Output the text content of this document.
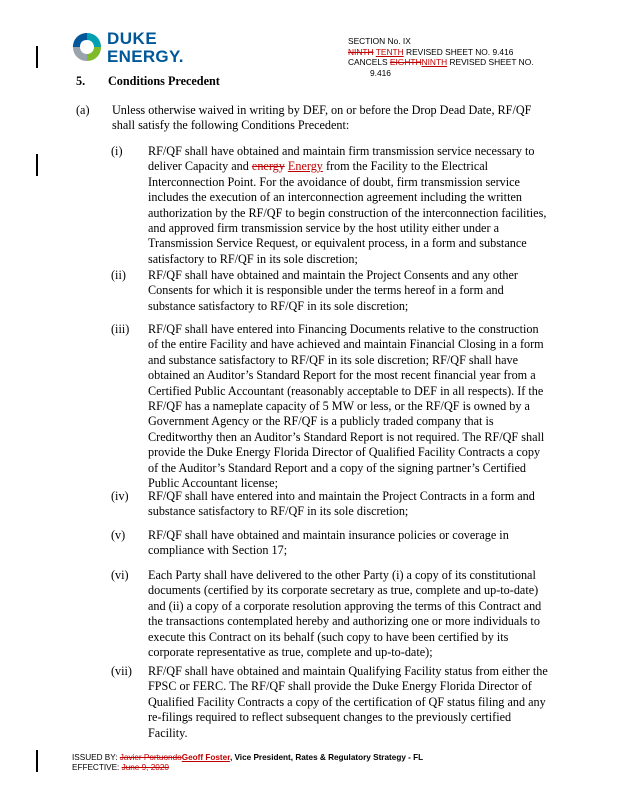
DUKE
ENERGY.
SECTION No. IX
NINTH TENTH REVISED SHEET NO. 9.416
CANCELS EIGHTHNINTH REVISED SHEET NO.
9.416
5. Conditions Precedent
(a) Unless otherwise waived in writing by DEF, on or before the Drop Dead Date, RF/QF shall satisfy the following Conditions Precedent:
(i) RF/QF shall have obtained and maintain firm transmission service necessary to deliver Capacity and energy Energy from the Facility to the Electrical Interconnection Point. For the avoidance of doubt, firm transmission service includes the execution of an interconnection agreement including the written authorization by the RF/QF to begin construction of the interconnection facilities, and approved firm transmission service by the host utility either under a Transmission Service Request, or equivalent process, in a form and substance satisfactory to RF/QF in its sole discretion;
(ii) RF/QF shall have obtained and maintain the Project Consents and any other Consents for which it is responsible under the terms hereof in a form and substance satisfactory to RF/QF in its sole discretion;
(iii) RF/QF shall have entered into Financing Documents relative to the construction of the entire Facility and have achieved and maintain Financial Closing in a form and substance satisfactory to RF/QF in its sole discretion; RF/QF shall have obtained an Auditor’s Standard Report for the most recent financial year from a Certified Public Accountant (reasonably acceptable to DEF in all respects). If the RF/QF has a nameplate capacity of 5 MW or less, or the RF/QF is owned by a Government Agency or the RF/QF is a publicly traded company that is Creditworthy then an Auditor’s Standard Report is not required. The RF/QF shall provide the Duke Energy Florida Director of Qualified Facility Contracts a copy of the Auditor’s Standard Report and a copy of the signing partner’s Certified Public Accountant license;
(iv) RF/QF shall have entered into and maintain the Project Contracts in a form and substance satisfactory to RF/QF in its sole discretion;
(v) RF/QF shall have obtained and maintain insurance policies or coverage in compliance with Section 17;
(vi) Each Party shall have delivered to the other Party (i) a copy of its constitutional documents (certified by its corporate secretary as true, complete and up-to-date) and (ii) a copy of a corporate resolution approving the terms of this Contract and the transactions contemplated hereby and authorizing one or more individuals to execute this Contract on its behalf (such copy to have been certified by its corporate representative as true, complete and up-to-date);
(vii) RF/QF shall have obtained and maintain Qualifying Facility status from either the FPSC or FERC. The RF/QF shall provide the Duke Energy Florida Director of Qualified Facility Contracts a copy of the certification of QF status filing and any re-filings required to reflect subsequent changes to the previously certified Facility.
ISSUED BY: Javier PortuondoGeoff Foster, Vice President, Rates & Regulatory Strategy - FL
EFFECTIVE: June 9, 2020
